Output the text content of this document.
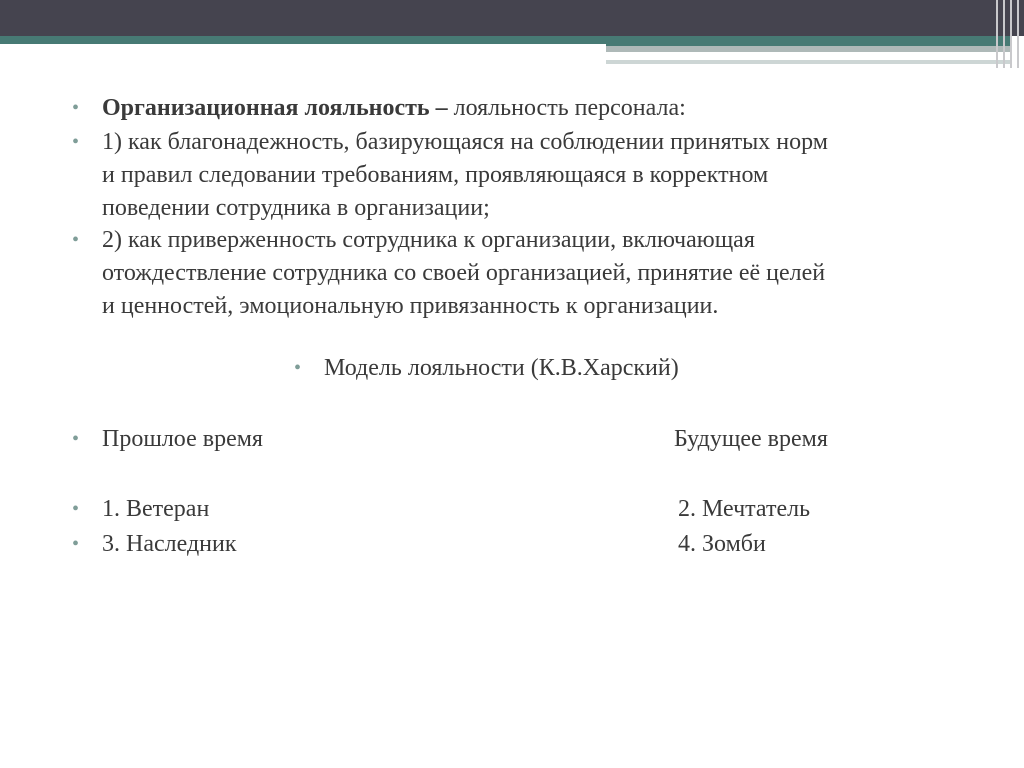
• Организационная лояльность – лояльность персонала:
• 1) как благонадежность, базирующаяся на соблюдении принятых норм
и правил следовании требованиям, проявляющаяся в корректном
поведении сотрудника в организации;
• 2) как приверженность сотрудника к организации, включающая
отождествление сотрудника со своей организацией, принятие её целей
и ценностей, эмоциональную привязанность к организации.
• Модель лояльности (К.В.Харский)
• Прошлое время	Будущее время
• 1. Ветеран	2. Мечтатель
• 3. Наследник	4. Зомби
